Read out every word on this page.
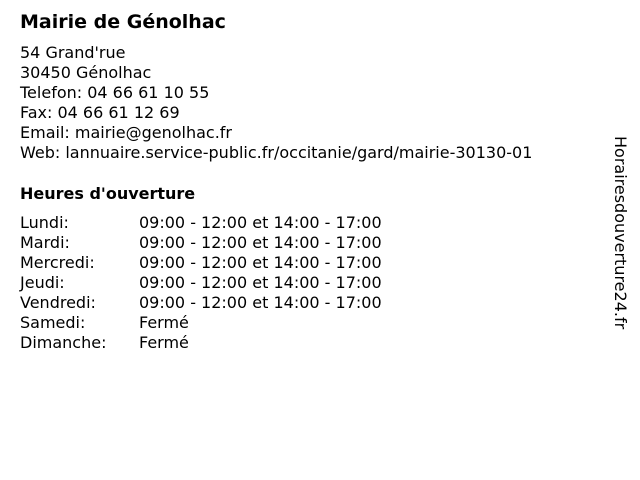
Mairie de Génolhac
54 Grand'rue
30450 Génolhac
Telefon: 04 66 61 10 55
Fax: 04 66 61 12 69
Email: mairie@genolhac.fr
Web: lannuaire.service-public.fr/occitanie/gard/mairie-30130-01
Heures d'ouverture
Lundi:	09:00 - 12:00 et 14:00 - 17:00
Mardi:	09:00 - 12:00 et 14:00 - 17:00
Mercredi:	09:00 - 12:00 et 14:00 - 17:00
Jeudi:	09:00 - 12:00 et 14:00 - 17:00
Vendredi:	09:00 - 12:00 et 14:00 - 17:00
Samedi:	Fermé
Dimanche:	Fermé
Horairesdouverture24.fr
